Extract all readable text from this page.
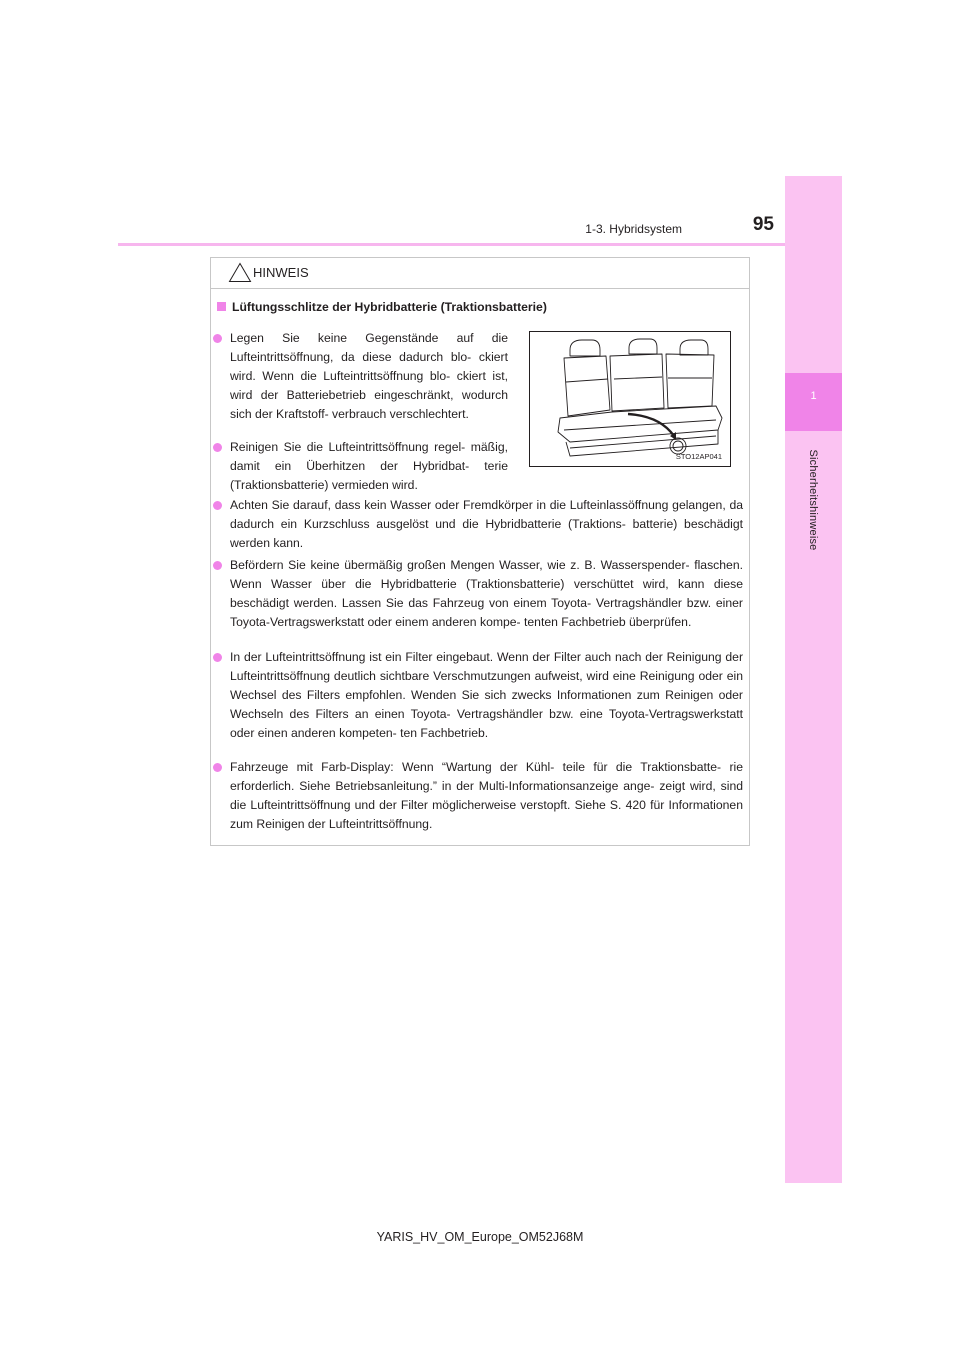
1-3. Hybridsystem	95
1
Sicherheitshinweise
HINWEIS
Lüftungsschlitze der Hybridbatterie (Traktionsbatterie)
STO12AP041
Legen Sie keine Gegenstände auf die Lufteintrittsöffnung, da diese dadurch blo- ckiert wird. Wenn die Lufteintrittsöffnung blo- ckiert ist, wird der Batteriebetrieb eingeschränkt, wodurch sich der Kraftstoff- verbrauch verschlechtert.
Reinigen Sie die Lufteintrittsöffnung regel- mäßig, damit ein Überhitzen der Hybridbat- terie (Traktionsbatterie) vermieden wird.
Achten Sie darauf, dass kein Wasser oder Fremdkörper in die Lufteinlassöffnung gelangen, da dadurch ein Kurzschluss ausgelöst und die Hybridbatterie (Traktions- batterie) beschädigt werden kann.
Befördern Sie keine übermäßig großen Mengen Wasser, wie z. B. Wasserspender- flaschen. Wenn Wasser über die Hybridbatterie (Traktionsbatterie) verschüttet wird, kann diese beschädigt werden. Lassen Sie das Fahrzeug von einem Toyota- Vertragshändler bzw. einer Toyota-Vertragswerkstatt oder einem anderen kompe- tenten Fachbetrieb überprüfen.
In der Lufteintrittsöffnung ist ein Filter eingebaut. Wenn der Filter auch nach der Reinigung der Lufteintrittsöffnung deutlich sichtbare Verschmutzungen aufweist, wird eine Reinigung oder ein Wechsel des Filters empfohlen. Wenden Sie sich zwecks Informationen zum Reinigen oder Wechseln des Filters an einen Toyota- Vertragshändler bzw. eine Toyota-Vertragswerkstatt oder einen anderen kompeten- ten Fachbetrieb.
Fahrzeuge mit Farb-Display: Wenn “Wartung der Kühl- teile für die Traktionsbatte- rie erforderlich. Siehe Betriebsanleitung.” in der Multi-Informationsanzeige ange- zeigt wird, sind die Lufteintrittsöffnung und der Filter möglicherweise verstopft. Siehe S. 420 für Informationen zum Reinigen der Lufteintrittsöffnung.
YARIS_HV_OM_Europe_OM52J68M
